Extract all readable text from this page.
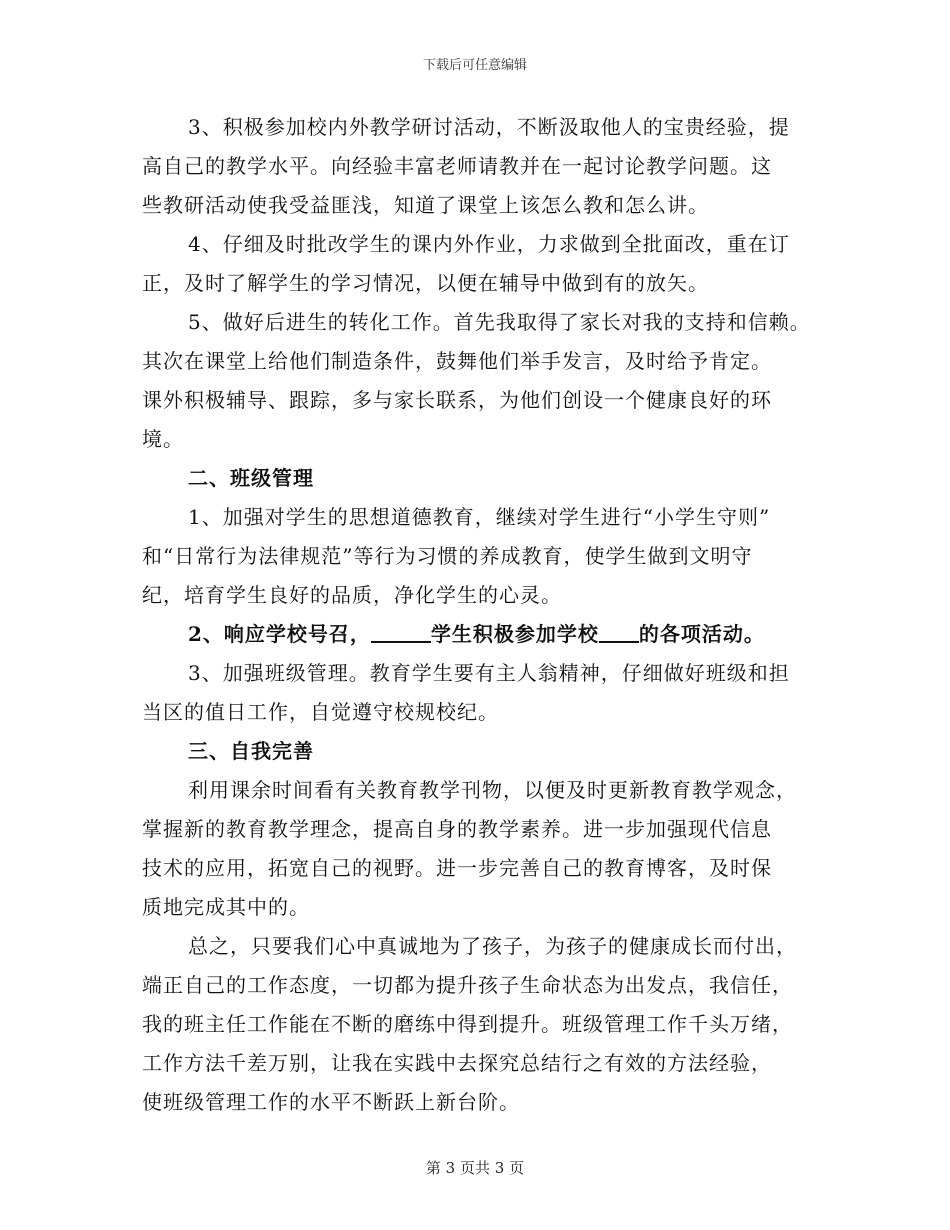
下载后可任意编辑
3、积极参加校内外教学研讨活动，不断汲取他人的宝贵经验，提
高自己的教学水平。向经验丰富老师请教并在一起讨论教学问题。这
些教研活动使我受益匪浅，知道了课堂上该怎么教和怎么讲。
4、仔细及时批改学生的课内外作业，力求做到全批面改，重在订
正，及时了解学生的学习情况，以便在辅导中做到有的放矢。
5、做好后进生的转化工作。首先我取得了家长对我的支持和信赖。
其次在课堂上给他们制造条件，鼓舞他们举手发言，及时给予肯定。
课外积极辅导、跟踪，多与家长联系，为他们创设一个健康良好的环
境。
二、班级管理
1、加强对学生的思想道德教育，继续对学生进行“小学生守则”
和“日常行为法律规范”等行为习惯的养成教育，使学生做到文明守
纪，培育学生良好的品质，净化学生的心灵。
2、响应学校号召，	学生积极参加学校 的各项活动。
3、加强班级管理。教育学生要有主人翁精神，仔细做好班级和担
当区的值日工作，自觉遵守校规校纪。
三、自我完善
利用课余时间看有关教育教学刊物，以便及时更新教育教学观念，
掌握新的教育教学理念，提高自身的教学素养。进一步加强现代信息
技术的应用，拓宽自己的视野。进一步完善自己的教育博客，及时保
质地完成其中的。
总之，只要我们心中真诚地为了孩子，为孩子的健康成长而付出，
端正自己的工作态度，一切都为提升孩子生命状态为出发点，我信任，
我的班主任工作能在不断的磨练中得到提升。班级管理工作千头万绪，
工作方法千差万别，让我在实践中去探究总结行之有效的方法经验，
使班级管理工作的水平不断跃上新台阶。
第 3 页共 3 页
